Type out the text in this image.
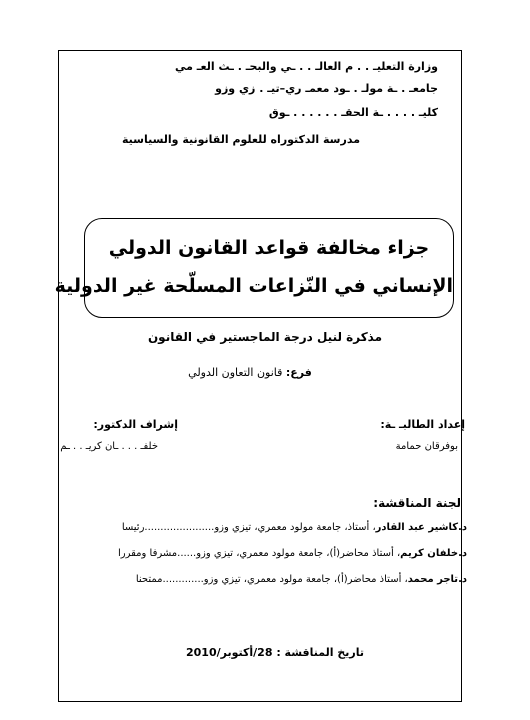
وزارة التعليـ . . م العالـ . . ـي والبحـ . ـث العـ مي
جامعـ . ـة مولـ . ـود معمـ ري–تيـ . زي وزو
كليـ . . . . ـة الحقـ . . . . . . ـوق
مدرسة الدكتوراه للعلوم القانونية والسياسية
جزاء مخالفة قواعد القانون الدولي
الإنساني في النّزاعات المسلّحة غير الدولية
مذكرة لنيل درجة الماجستير في القانون
فرع: قانون التعاون الدولي
إعداد الطالبـ ـة:
إشراف الدكتور:
بوفرقان حمامة
خلفـ . . . ـان كريـ . . ـم
لجنة المناقشة:
د.كاشير عبد القادر، أستاذ، جامعة مولود معمري، تيزي وزو......................رئيسا
د.خلفان كريم، أستاذ محاضر(أ)، جامعة مولود معمري، تيزي وزو......مشرفا ومقررا
د.تاجر محمد، أستاذ محاضر(أ)، جامعة مولود معمري، تيزي وزو.............ممتحنا
تاريخ المناقشة : 28/أكتوبر/2010
